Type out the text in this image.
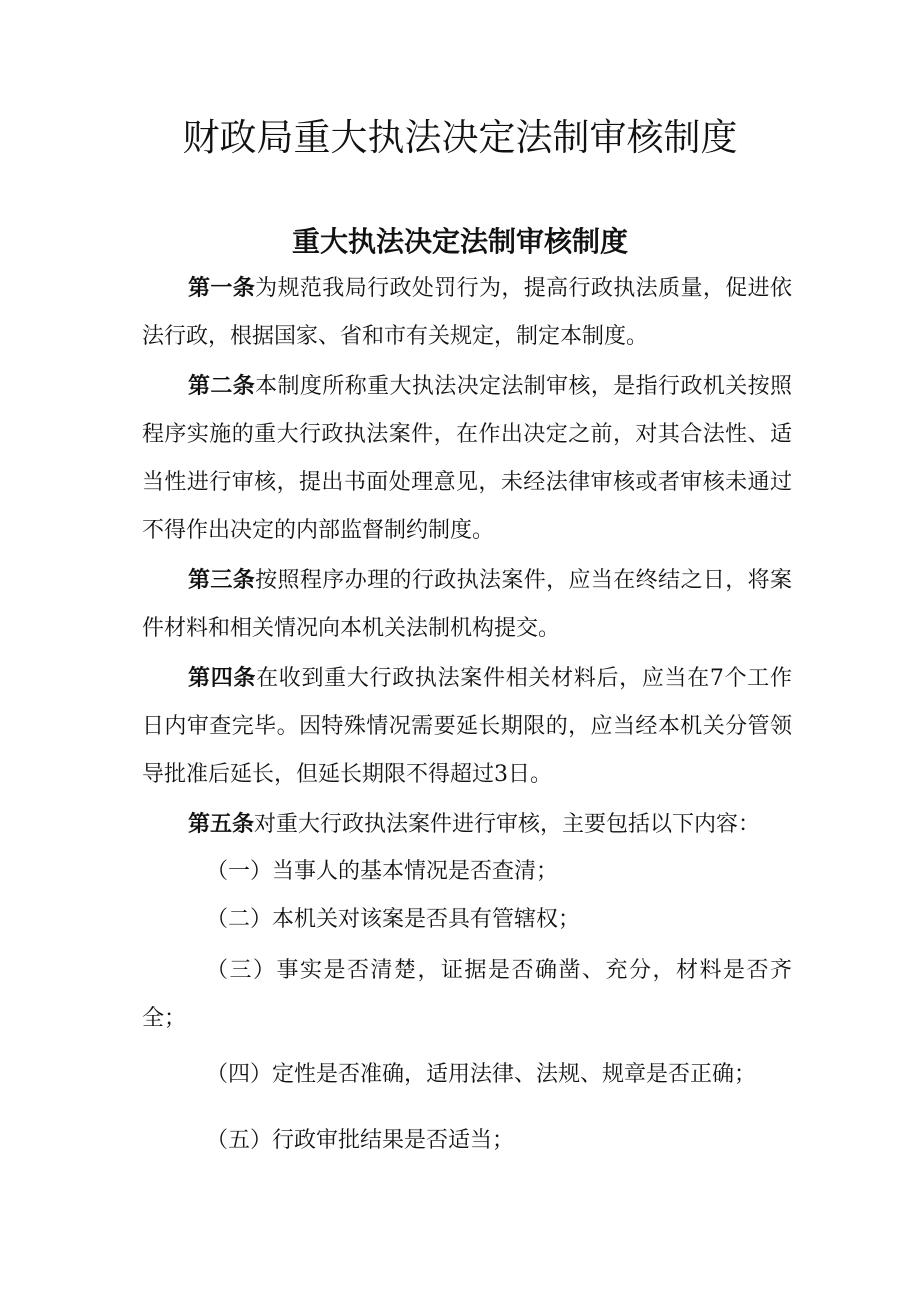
财政局重大执法决定法制审核制度
重大执法决定法制审核制度

第一条为规范我局行政处罚行为，提高行政执法质量，促进依法行政，根据国家、省和市有关规定，制定本制度。

第二条本制度所称重大执法决定法制审核，是指行政机关按照程序实施的重大行政执法案件，在作出决定之前，对其合法性、适当性进行审核，提出书面处理意见，未经法律审核或者审核未通过不得作出决定的内部监督制约制度。

第三条按照程序办理的行政执法案件，应当在终结之日，将案件材料和相关情况向本机关法制机构提交。

第四条在收到重大行政执法案件相关材料后，应当在7个工作日内审查完毕。因特殊情况需要延长期限的，应当经本机关分管领导批准后延长，但延长期限不得超过3日。

第五条对重大行政执法案件进行审核，主要包括以下内容：

（一）当事人的基本情况是否查清；

（二）本机关对该案是否具有管辖权；

（三）事实是否清楚，证据是否确凿、充分，材料是否齐全；

（四）定性是否准确，适用法律、法规、规章是否正确；

（五）行政审批结果是否适当；
